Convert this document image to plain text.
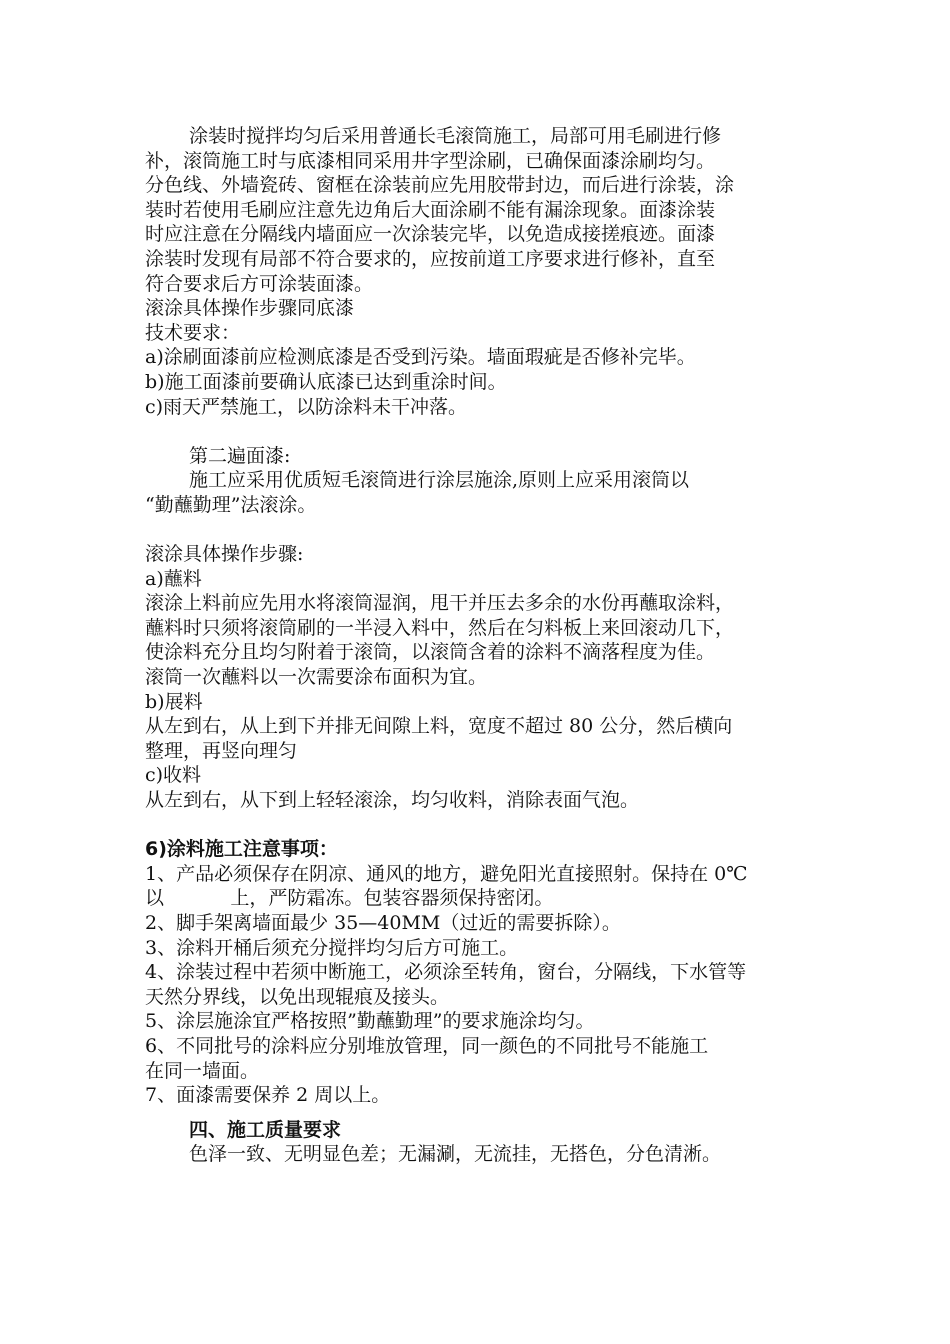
涂装时搅拌均匀后采用普通长毛滚筒施工，局部可用毛刷进行修
补，滚筒施工时与底漆相同采用井字型涂刷，已确保面漆涂刷均匀。
分色线、外墙瓷砖、窗框在涂装前应先用胶带封边，而后进行涂装，涂
装时若使用毛刷应注意先边角后大面涂刷不能有漏涂现象。面漆涂装
时应注意在分隔线内墙面应一次涂装完毕，以免造成接搓痕迹。面漆
涂装时发现有局部不符合要求的，应按前道工序要求进行修补，直至
符合要求后方可涂装面漆。
滚涂具体操作步骤同底漆
技术要求：
a)涂刷面漆前应检测底漆是否受到污染。墙面瑕疵是否修补完毕。
b)施工面漆前要确认底漆已达到重涂时间。
c)雨天严禁施工，以防涂料未干冲落。
第二遍面漆:
施工应采用优质短毛滚筒进行涂层施涂,原则上应采用滚筒以
“勤蘸勤理”法滚涂。
滚涂具体操作步骤:
a)蘸料
滚涂上料前应先用水将滚筒湿润，甩干并压去多余的水份再蘸取涂料，
蘸料时只须将滚筒刷的一半浸入料中，然后在匀料板上来回滚动几下，
使涂料充分且均匀附着于滚筒，以滚筒含着的涂料不滴落程度为佳。
滚筒一次蘸料以一次需要涂布面积为宜。
b)展料
从左到右，从上到下并排无间隙上料，宽度不超过 80 公分，然后横向
整理，再竖向理匀
c)收料
从左到右，从下到上轻轻滚涂，均匀收料，消除表面气泡。
6)涂料施工注意事项：
1、产品必须保存在阴凉、通风的地方，避免阳光直接照射。保持在 0℃
以           上，严防霜冻。包装容器须保持密闭。
2、脚手架离墙面最少 35—40MM（过近的需要拆除）。
3、涂料开桶后须充分搅拌均匀后方可施工。
4、涂装过程中若须中断施工，必须涂至转角，窗台，分隔线，下水管等
天然分界线，以免出现辊痕及接头。
5、涂层施涂宜严格按照”勤蘸勤理”的要求施涂均匀。
6、不同批号的涂料应分别堆放管理，同一颜色的不同批号不能施工
在同一墙面。
7、面漆需要保养 2 周以上。
四、施工质量要求
色泽一致、无明显色差；无漏涮，无流挂，无搭色，分色清淅。
